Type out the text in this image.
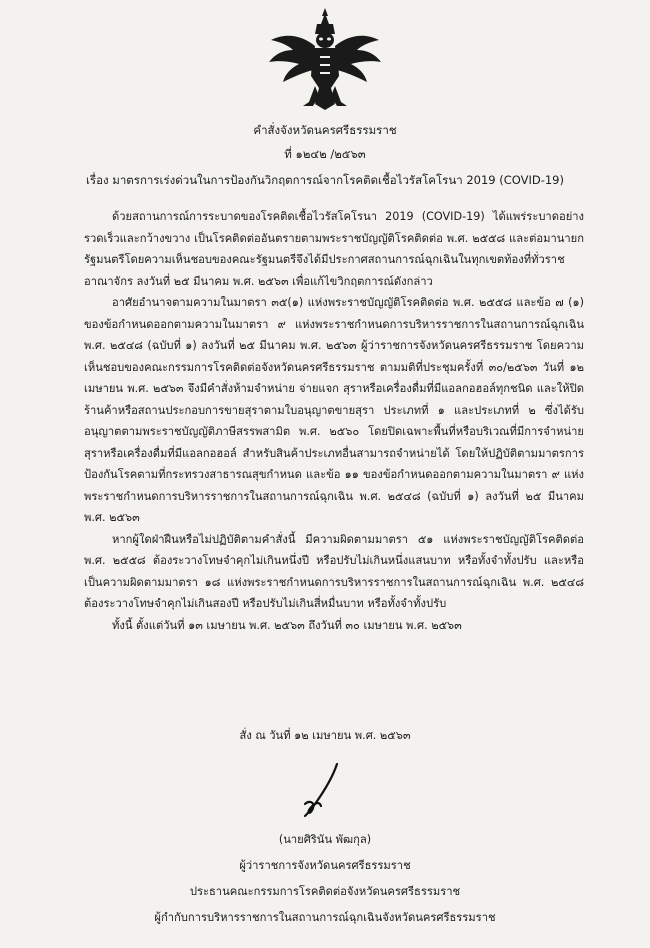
คำสั่งจังหวัดนครศรีธรรมราช
ที่ ๑๒๔๒ /๒๕๖๓
เรื่อง มาตรการเร่งด่วนในการป้องกันวิกฤตการณ์จากโรคติดเชื้อไวรัสโคโรนา 2019 (COVID-19)

ด้วยสถานการณ์การระบาดของโรคติดเชื้อไวรัสโคโรนา 2019 (COVID-19) ได้แพร่ระบาดอย่างรวดเร็วและกว้างขวาง เป็นโรคติดต่ออันตรายตามพระราชบัญญัติโรคติดต่อ พ.ศ. ๒๕๕๘ และต่อมานายกรัฐมนตรีโดยความเห็นชอบของคณะรัฐมนตรีจึงได้มีประกาศสถานการณ์ฉุกเฉินในทุกเขตท้องที่ทั่วราชอาณาจักร ลงวันที่ ๒๕ มีนาคม พ.ศ. ๒๕๖๓ เพื่อแก้ไขวิกฤตการณ์ดังกล่าว

อาศัยอำนาจตามความในมาตรา ๓๕(๑) แห่งพระราชบัญญัติโรคติดต่อ พ.ศ. ๒๕๕๘ และข้อ ๗ (๑) ของข้อกำหนดออกตามความในมาตรา ๙ แห่งพระราชกำหนดการบริหารราชการในสถานการณ์ฉุกเฉิน พ.ศ. ๒๕๔๘ (ฉบับที่ ๑) ลงวันที่ ๒๕ มีนาคม พ.ศ. ๒๕๖๓ ผู้ว่าราชการจังหวัดนครศรีธรรมราช โดยความเห็นชอบของคณะกรรมการโรคติดต่อจังหวัดนครศรีธรรมราช ตามมติที่ประชุมครั้งที่ ๓๐/๒๕๖๓ วันที่ ๑๒ เมษายน พ.ศ. ๒๕๖๓ จึงมีคำสั่งห้ามจำหน่าย จ่ายแจก สุราหรือเครื่องดื่มที่มีแอลกอฮอล์ทุกชนิด และให้ปิดร้านค้าหรือสถานประกอบการขายสุราตามใบอนุญาตขายสุรา ประเภทที่ ๑ และประเภทที่ ๒ ซึ่งได้รับอนุญาตตามพระราชบัญญัติภาษีสรรพสามิต พ.ศ. ๒๕๖๐ โดยปิดเฉพาะพื้นที่หรือบริเวณที่มีการจำหน่ายสุราหรือเครื่องดื่มที่มีแอลกอฮอล์ สำหรับสินค้าประเภทอื่นสามารถจำหน่ายได้ โดยให้ปฏิบัติตามมาตรการป้องกันโรคตามที่กระทรวงสาธารณสุขกำหนด และข้อ ๑๑ ของข้อกำหนดออกตามความในมาตรา ๙ แห่งพระราชกำหนดการบริหารราชการในสถานการณ์ฉุกเฉิน พ.ศ. ๒๕๔๘ (ฉบับที่ ๑) ลงวันที่ ๒๕ มีนาคม พ.ศ. ๒๕๖๓

หากผู้ใดฝ่าฝืนหรือไม่ปฏิบัติตามคำสั่งนี้ มีความผิดตามมาตรา ๕๑ แห่งพระราชบัญญัติโรคติดต่อ พ.ศ. ๒๕๕๘ ต้องระวางโทษจำคุกไม่เกินหนึ่งปี หรือปรับไม่เกินหนึ่งแสนบาท หรือทั้งจำทั้งปรับ และหรือเป็นความผิดตามมาตรา ๑๘ แห่งพระราชกำหนดการบริหารราชการในสถานการณ์ฉุกเฉิน พ.ศ. ๒๕๔๘ ต้องระวางโทษจำคุกไม่เกินสองปี หรือปรับไม่เกินสี่หมื่นบาท หรือทั้งจำทั้งปรับ

ทั้งนี้ ตั้งแต่วันที่ ๑๓ เมษายน พ.ศ. ๒๕๖๓ ถึงวันที่ ๓๐ เมษายน พ.ศ. ๒๕๖๓

สั่ง ณ วันที่ ๑๒ เมษายน พ.ศ. ๒๕๖๓
(นายศิรินัน พัฒกุล)
ผู้ว่าราชการจังหวัดนครศรีธรรมราช
ประธานคณะกรรมการโรคติดต่อจังหวัดนครศรีธรรมราช
ผู้กำกับการบริหารราชการในสถานการณ์ฉุกเฉินจังหวัดนครศรีธรรมราช
